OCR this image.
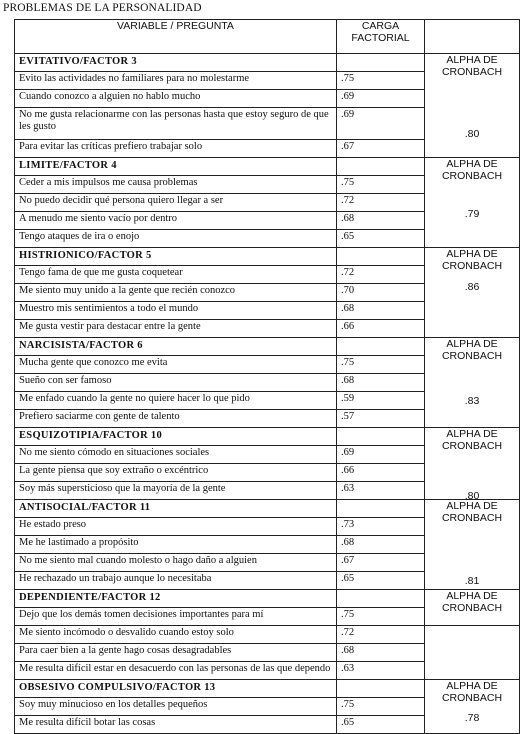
PROBLEMAS DE LA PERSONALIDAD
VARIABLE / PREGUNTA	CARGA
FACTORIAL	
EVITATIVO/FACTOR 3		ALPHA DE
CRONBACH
.80

Evito las actividades no familiares para no molestarme	.75	
Cuando conozco a alguien no hablo mucho	.69	
No me gusta relacionarme con las personas hasta que estoy seguro de que les gusto	.69	
Para evitar las críticas prefiero trabajar solo	.67	
LIMITE/FACTOR 4		ALPHA DE
CRONBACH
.79

Ceder a mis impulsos me causa problemas	.75	
No puedo decidir qué persona quiero llegar a ser	.72	
A menudo me siento vacío por dentro	.68	
Tengo ataques de ira o enojo	.65	
HISTRIONICO/FACTOR 5		ALPHA DE
CRONBACH
.86

Tengo fama de que me gusta coquetear	.72	
Me siento muy unido a la gente que recién conozco	.70	
Muestro mis sentimientos a todo el mundo	.68	
Me gusta vestir para destacar entre la gente	.66	
NARCISISTA/FACTOR 6		ALPHA DE
CRONBACH
.83

Mucha gente que conozco me evita	.75	
Sueño con ser famoso	.68	
Me enfado cuando la gente no quiere hacer lo que pido	.59	
Prefiero saciarme con gente de talento	.57	
ESQUIZOTIPIA/FACTOR 10		ALPHA DE
CRONBACH
.80

No me siento cómodo en situaciones sociales	.69	
La gente piensa que soy extraño o excéntrico	.66	
Soy más supersticioso que la mayoría de la gente	.63	
ANTISOCIAL/FACTOR 11		ALPHA DE
CRONBACH
.81

He estado preso	.73	
Me he lastimado a propósito	.68	
No me siento mal cuando molesto o hago daño a alguien	.67	
He rechazado un trabajo aunque lo necesitaba	.65	
DEPENDIENTE/FACTOR 12		ALPHA DE
CRONBACH

Dejo que los demás tomen decisiones importantes para mí	.75	
Me siento incómodo o desvalido cuando estoy solo	.72	

Para caer bien a la gente hago cosas desagradables	.68	
Me resulta difícil estar en desacuerdo con las personas de las que dependo	.63	
OBSESIVO COMPULSIVO/FACTOR 13		ALPHA DE
CRONBACH
.78

Soy muy minucioso en los detalles pequeños	.75	
Me resulta difícil botar las cosas	.65	
